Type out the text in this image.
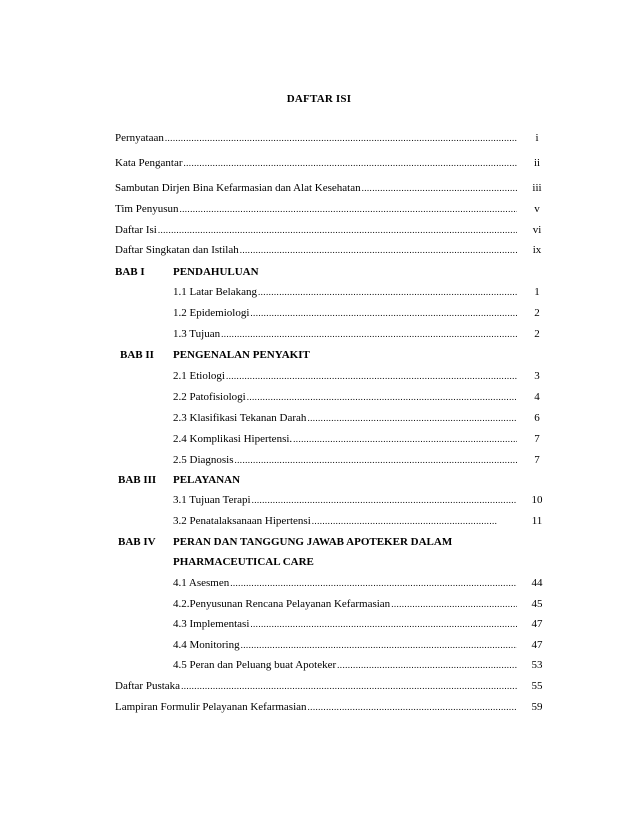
DAFTAR ISI
Pernyataan .....	i
Kata Pengantar .....	ii
Sambutan Dirjen Bina Kefarmasian dan Alat Kesehatan .....	iii
Tim Penyusun .....	v
Daftar Isi .....	vi
Daftar Singkatan dan Istilah .....	ix
BAB I	PENDAHULUAN
1.1 Latar Belakang .....	1
1.2 Epidemiologi .....	2
1.3 Tujuan .....	2
BAB II PENGENALAN PENYAKIT
2.1 Etiologi .....	3
2.2 Patofisiologi .....	4
2.3 Klasifikasi Tekanan Darah .....	6
2.4 Komplikasi Hipertensi. .....	7
2.5 Diagnosis .....	7
BAB III PELAYANAN
3.1 Tujuan Terapi .....	10
3.2 Penatalaksanaan Hipertensi .....	11
BAB IV PERAN DAN TANGGUNG JAWAB APOTEKER DALAM
PHARMACEUTICAL CARE
4.1 Asesmen .....	44
4.2.Penyusunan Rencana Pelayanan Kefarmasian .....	45
4.3 Implementasi .....	47
4.4 Monitoring .....	47
4.5 Peran dan Peluang buat Apoteker .....	53
Daftar Pustaka .....	55
Lampiran Formulir Pelayanan Kefarmasian .....	59
